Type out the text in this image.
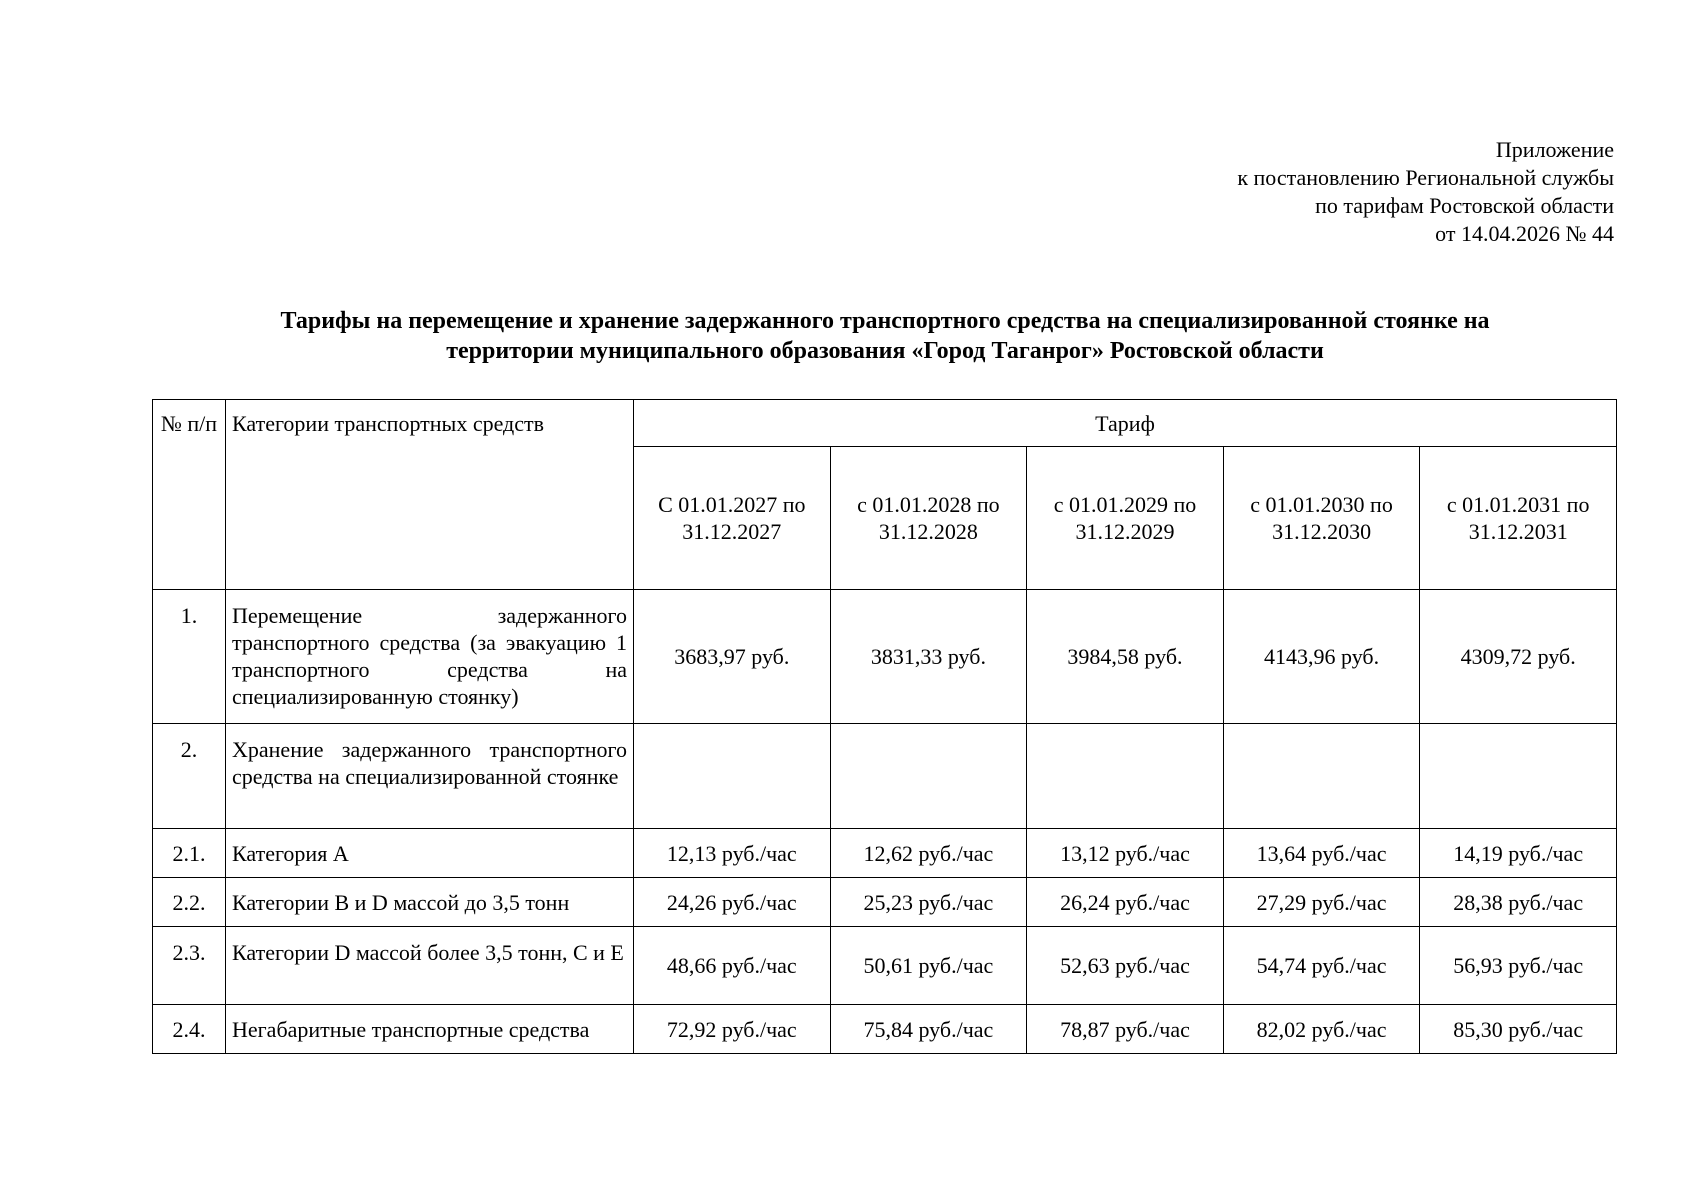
Приложение
к постановлению Региональной службы
по тарифам Ростовской области
от 14.04.2026 № 44
Тарифы на перемещение и хранение задержанного транспортного средства на специализированной стоянке на
территории муниципального образования «Город Таганрог» Ростовской области
№ п/п	Категории транспортных средств	Тариф				
		С 01.01.2027 по 31.12.2027	с 01.01.2028 по 31.12.2028	с 01.01.2029 по 31.12.2029	с 01.01.2030 по 31.12.2030	с 01.01.2031 по 31.12.2031
1.	Перемещение задержанного транспортного средства (за эвакуацию 1 транспортного средства на специализированную стоянку)	3683,97 руб.	3831,33 руб.	3984,58 руб.	4143,96 руб.	4309,72 руб.
2.	Хранение задержанного транспортного средства на специализированной стоянке					
2.1.	Категория А	12,13 руб./час	12,62 руб./час	13,12 руб./час	13,64 руб./час	14,19 руб./час
2.2.	Категории В и D массой до 3,5 тонн	24,26 руб./час	25,23 руб./час	26,24 руб./час	27,29 руб./час	28,38 руб./час
2.3.	Категории D массой более 3,5 тонн, С и Е	48,66 руб./час	50,61 руб./час	52,63 руб./час	54,74 руб./час	56,93 руб./час
2.4.	Негабаритные транспортные средства	72,92 руб./час	75,84 руб./час	78,87 руб./час	82,02 руб./час	85,30 руб./час
